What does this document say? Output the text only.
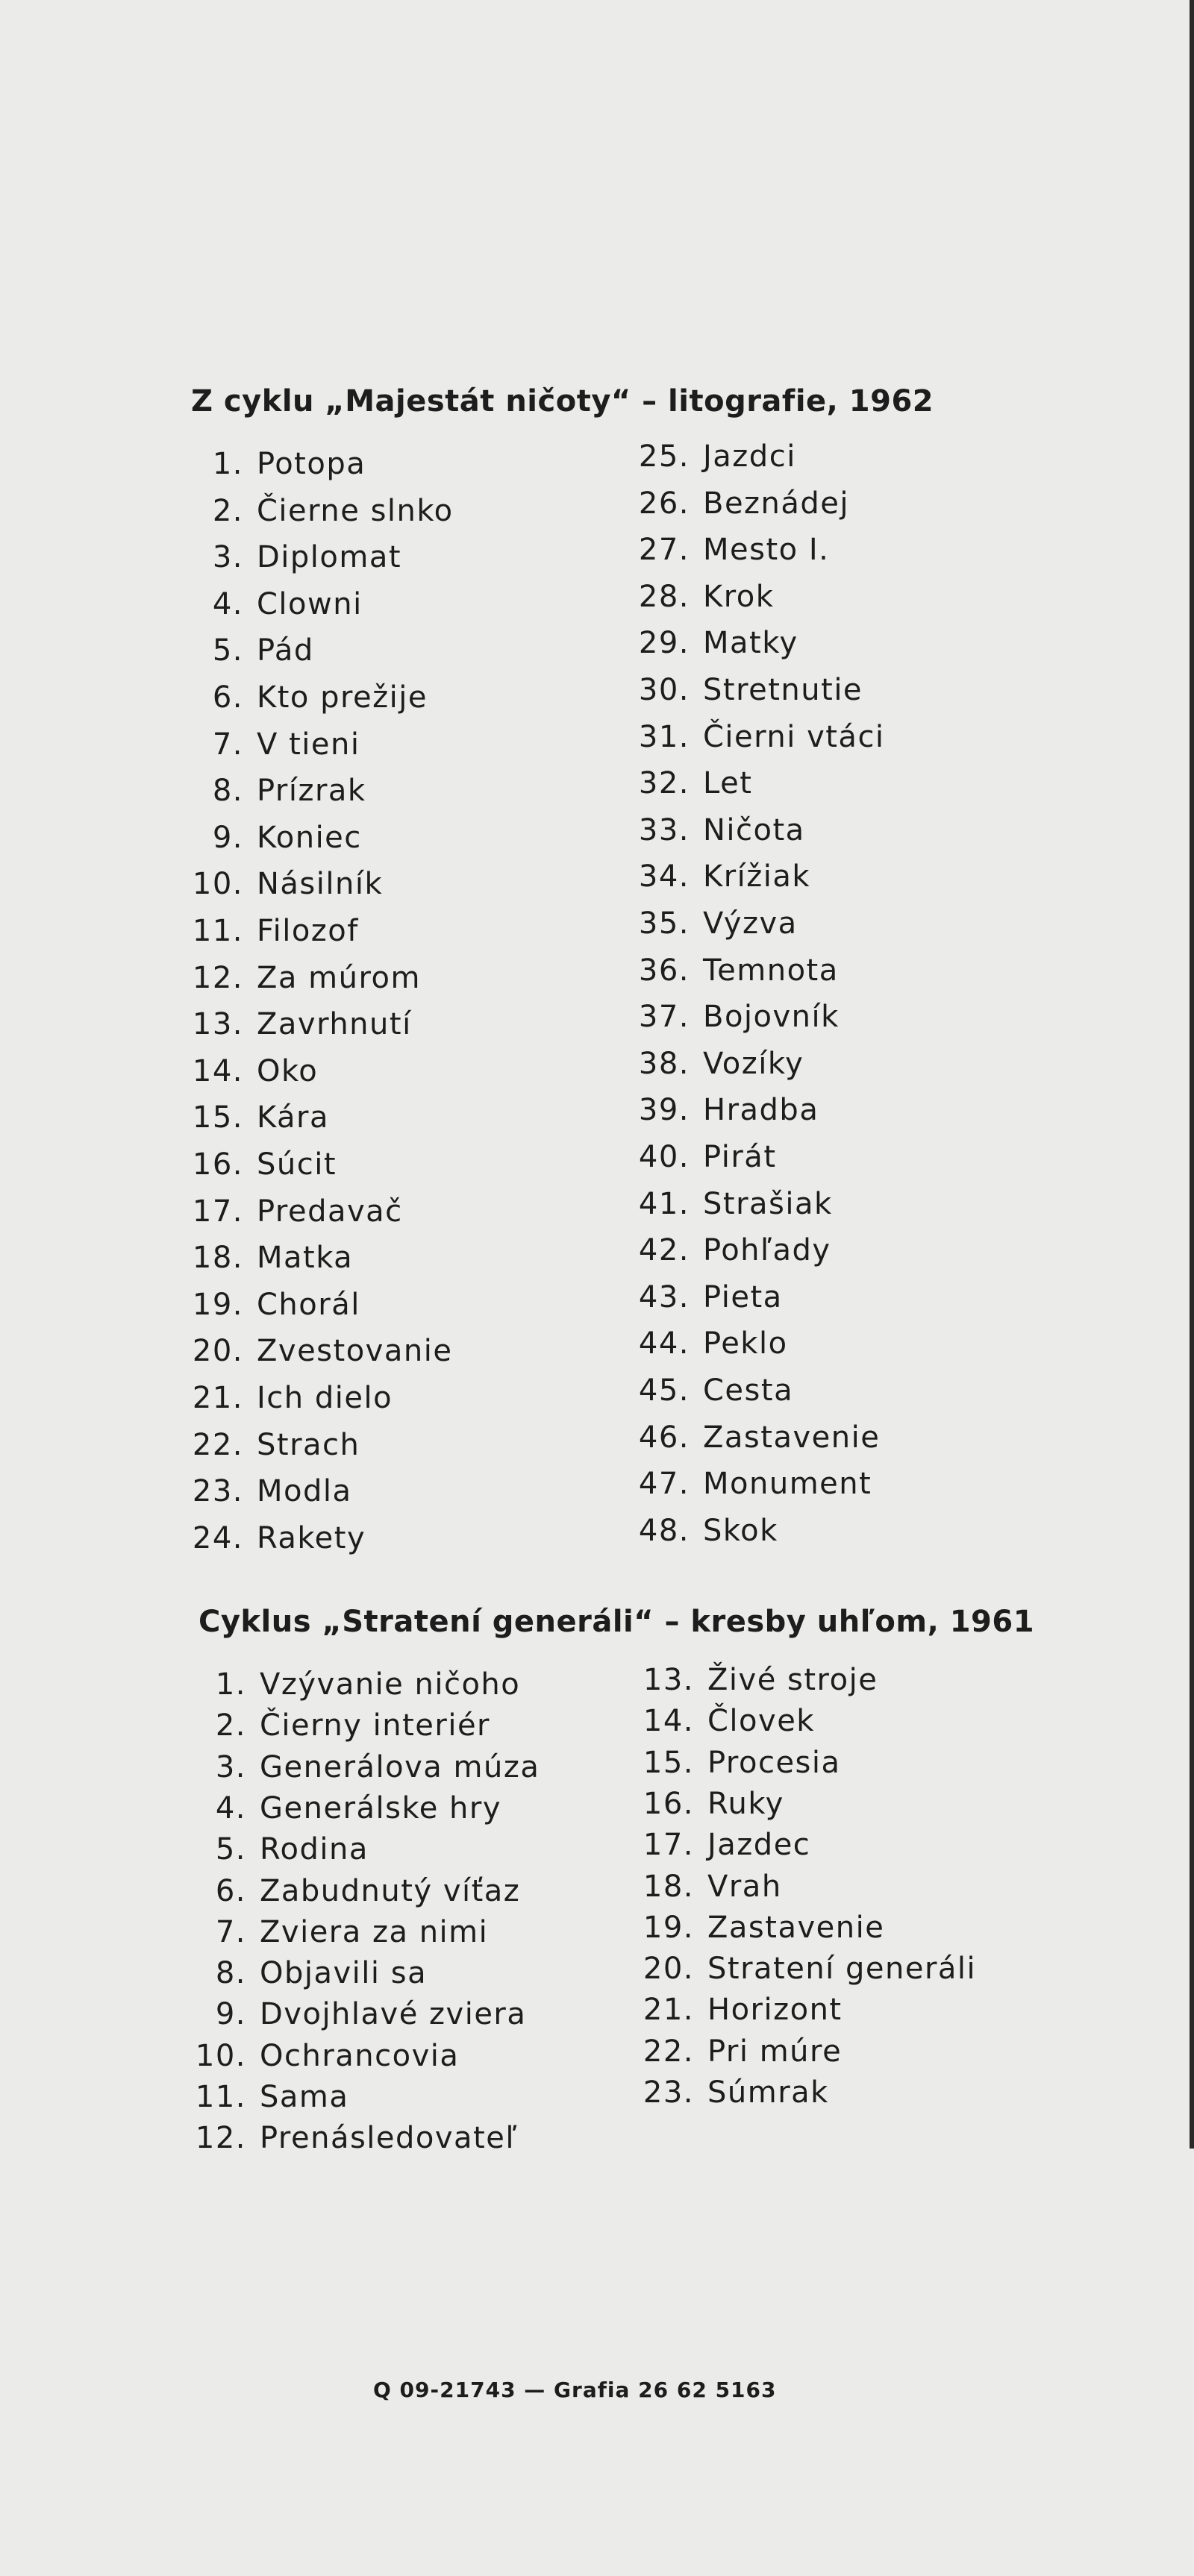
Z cyklu „Majestát ničoty“ – litografie, 1962
1. Potopa
2. Čierne slnko
3. Diplomat
4. Clowni
5. Pád
6. Kto prežije
7. V tieni
8. Prízrak
9. Koniec
10. Násilník
11. Filozof
12. Za múrom
13. Zavrhnutí
14. Oko
15. Kára
16. Súcit
17. Predavač
18. Matka
19. Chorál
20. Zvestovanie
21. Ich dielo
22. Strach
23. Modla
24. Rakety
25. Jazdci
26. Beznádej
27. Mesto I.
28. Krok
29. Matky
30. Stretnutie
31. Čierni vtáci
32. Let
33. Ničota
34. Krížiak
35. Výzva
36. Temnota
37. Bojovník
38. Vozíky
39. Hradba
40. Pirát
41. Strašiak
42. Pohľady
43. Pieta
44. Peklo
45. Cesta
46. Zastavenie
47. Monument
48. Skok
Cyklus „Stratení generáli“ – kresby uhľom, 1961
1. Vzývanie ničoho
2. Čierny interiér
3. Generálova múza
4. Generálske hry
5. Rodina
6. Zabudnutý víťaz
7. Zviera za nimi
8. Objavili sa
9. Dvojhlavé zviera
10. Ochrancovia
11. Sama
12. Prenásledovateľ
13. Živé stroje
14. Človek
15. Procesia
16. Ruky
17. Jazdec
18. Vrah
19. Zastavenie
20. Stratení generáli
21. Horizont
22. Pri múre
23. Súmrak
Q 09-21743 — Grafia 26 62 5163
